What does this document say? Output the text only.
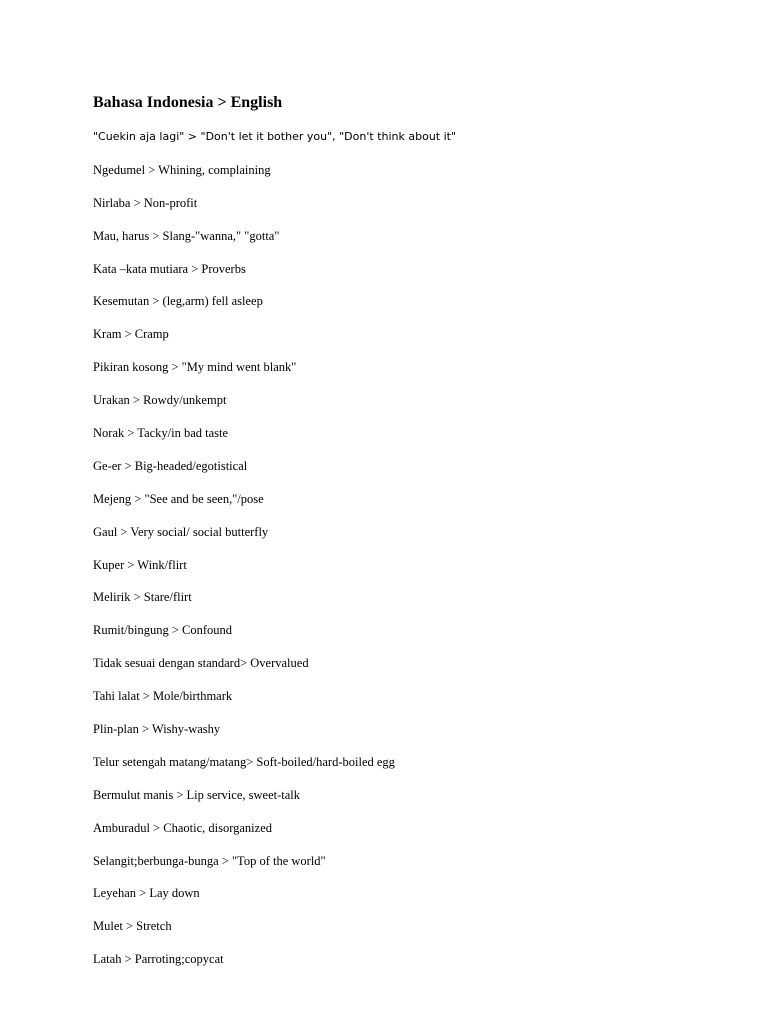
Bahasa Indonesia > English
"Cuekin aja lagi" > "Don't let it bother you", "Don't think about it"
Ngedumel > Whining, complaining
Nirlaba > Non-profit
Mau, harus > Slang-"wanna," "gotta"
Kata –kata mutiara > Proverbs
Kesemutan > (leg,arm) fell asleep
Kram > Cramp
Pikiran kosong > "My mind went blank"
Urakan > Rowdy/unkempt
Norak > Tacky/in bad taste
Ge-er > Big-headed/egotistical
Mejeng > "See and be seen,"/pose
Gaul > Very social/ social butterfly
Kuper > Wink/flirt
Melirik > Stare/flirt
Rumit/bingung > Confound
Tidak sesuai dengan standard> Overvalued
Tahi lalat > Mole/birthmark
Plin-plan > Wishy-washy
Telur setengah matang/matang> Soft-boiled/hard-boiled egg
Bermulut manis > Lip service, sweet-talk
Amburadul > Chaotic, disorganized
Selangit;berbunga-bunga > "Top of the world"
Leyehan > Lay down
Mulet > Stretch
Latah > Parroting;copycat
